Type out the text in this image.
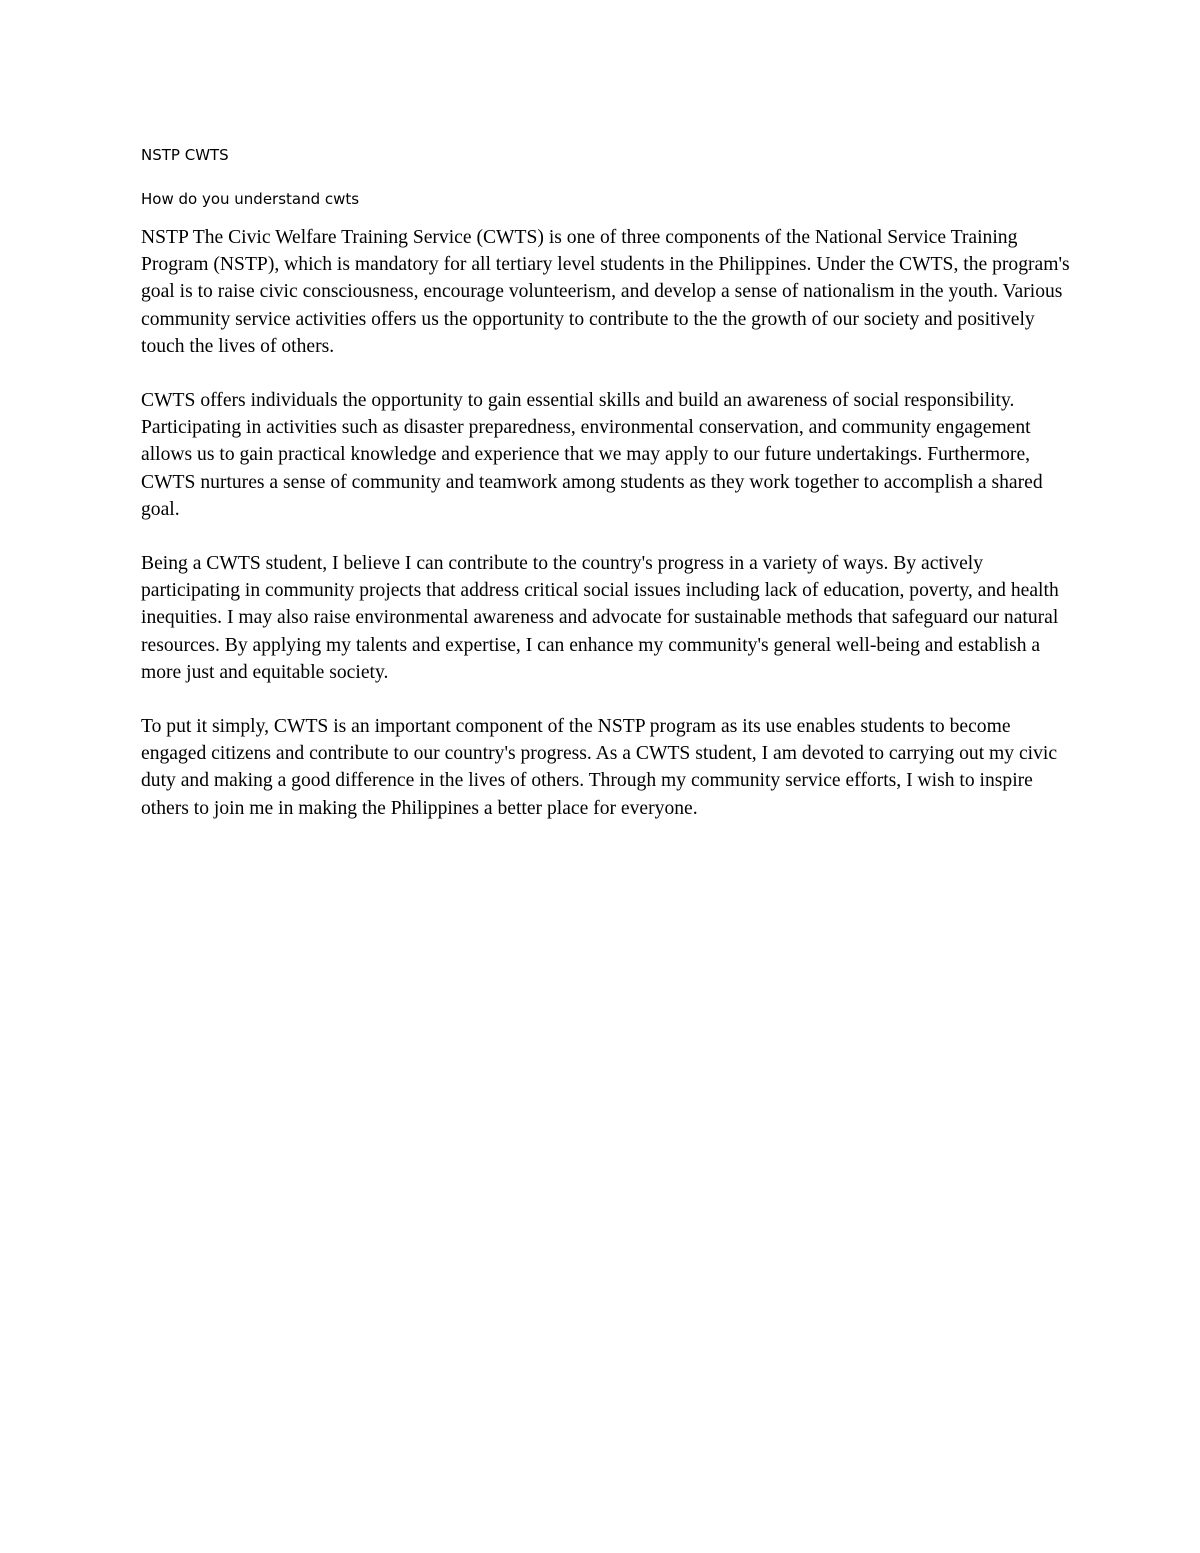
NSTP CWTS
How do you understand cwts

NSTP The Civic Welfare Training Service (CWTS) is one of three components of the National Service Training Program (NSTP), which is mandatory for all tertiary level students in the Philippines. Under the CWTS, the program's goal is to raise civic consciousness, encourage volunteerism, and develop a sense of nationalism in the youth. Various community service activities offers us the opportunity to contribute to the the growth of our society and positively touch the lives of others.

CWTS offers individuals the opportunity to gain essential skills and build an awareness of social responsibility. Participating in activities such as disaster preparedness, environmental conservation, and community engagement allows us to gain practical knowledge and experience that we may apply to our future undertakings. Furthermore, CWTS nurtures a sense of community and teamwork among students as they work together to accomplish a shared goal.

Being a CWTS student, I believe I can contribute to the country's progress in a variety of ways. By actively participating in community projects that address critical social issues including lack of education, poverty, and health inequities. I may also raise environmental awareness and advocate for sustainable methods that safeguard our natural resources. By applying my talents and expertise, I can enhance my community's general well-being and establish a more just and equitable society.

To put it simply, CWTS is an important component of the NSTP program as its use enables students to become engaged citizens and contribute to our country's progress. As a CWTS student, I am devoted to carrying out my civic duty and making a good difference in the lives of others. Through my community service efforts, I wish to inspire others to join me in making the Philippines a better place for everyone.
